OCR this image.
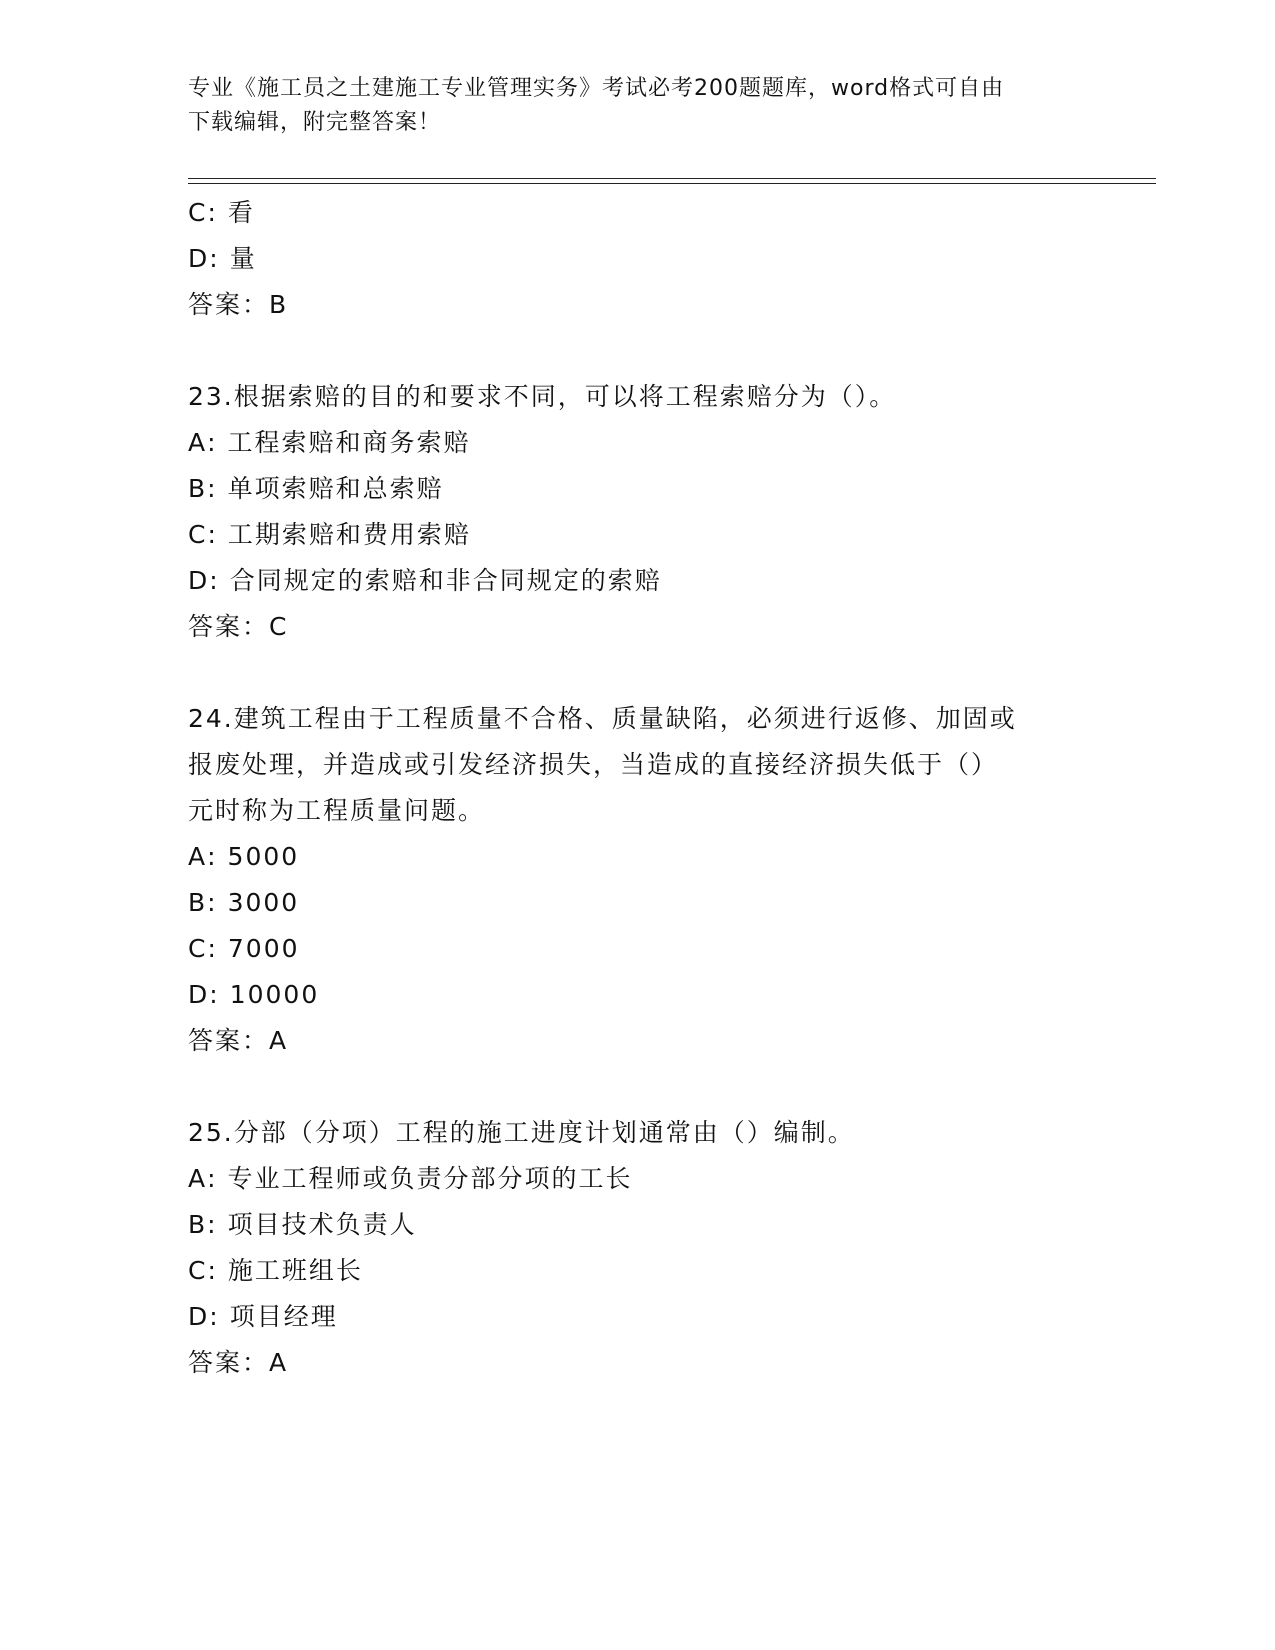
专业《施工员之土建施工专业管理实务》考试必考200题题库，word格式可自由
下载编辑，附完整答案！
C: 看
D: 量
答案：B
23.根据索赔的目的和要求不同，可以将工程索赔分为（）。
A: 工程索赔和商务索赔
B: 单项索赔和总索赔
C: 工期索赔和费用索赔
D: 合同规定的索赔和非合同规定的索赔
答案：C
24.建筑工程由于工程质量不合格、质量缺陷，必须进行返修、加固或
报废处理，并造成或引发经济损失，当造成的直接经济损失低于（）
元时称为工程质量问题。
A: 5000
B: 3000
C: 7000
D: 10000
答案：A
25.分部（分项）工程的施工进度计划通常由（）编制。
A: 专业工程师或负责分部分项的工长
B: 项目技术负责人
C: 施工班组长
D: 项目经理
答案：A
